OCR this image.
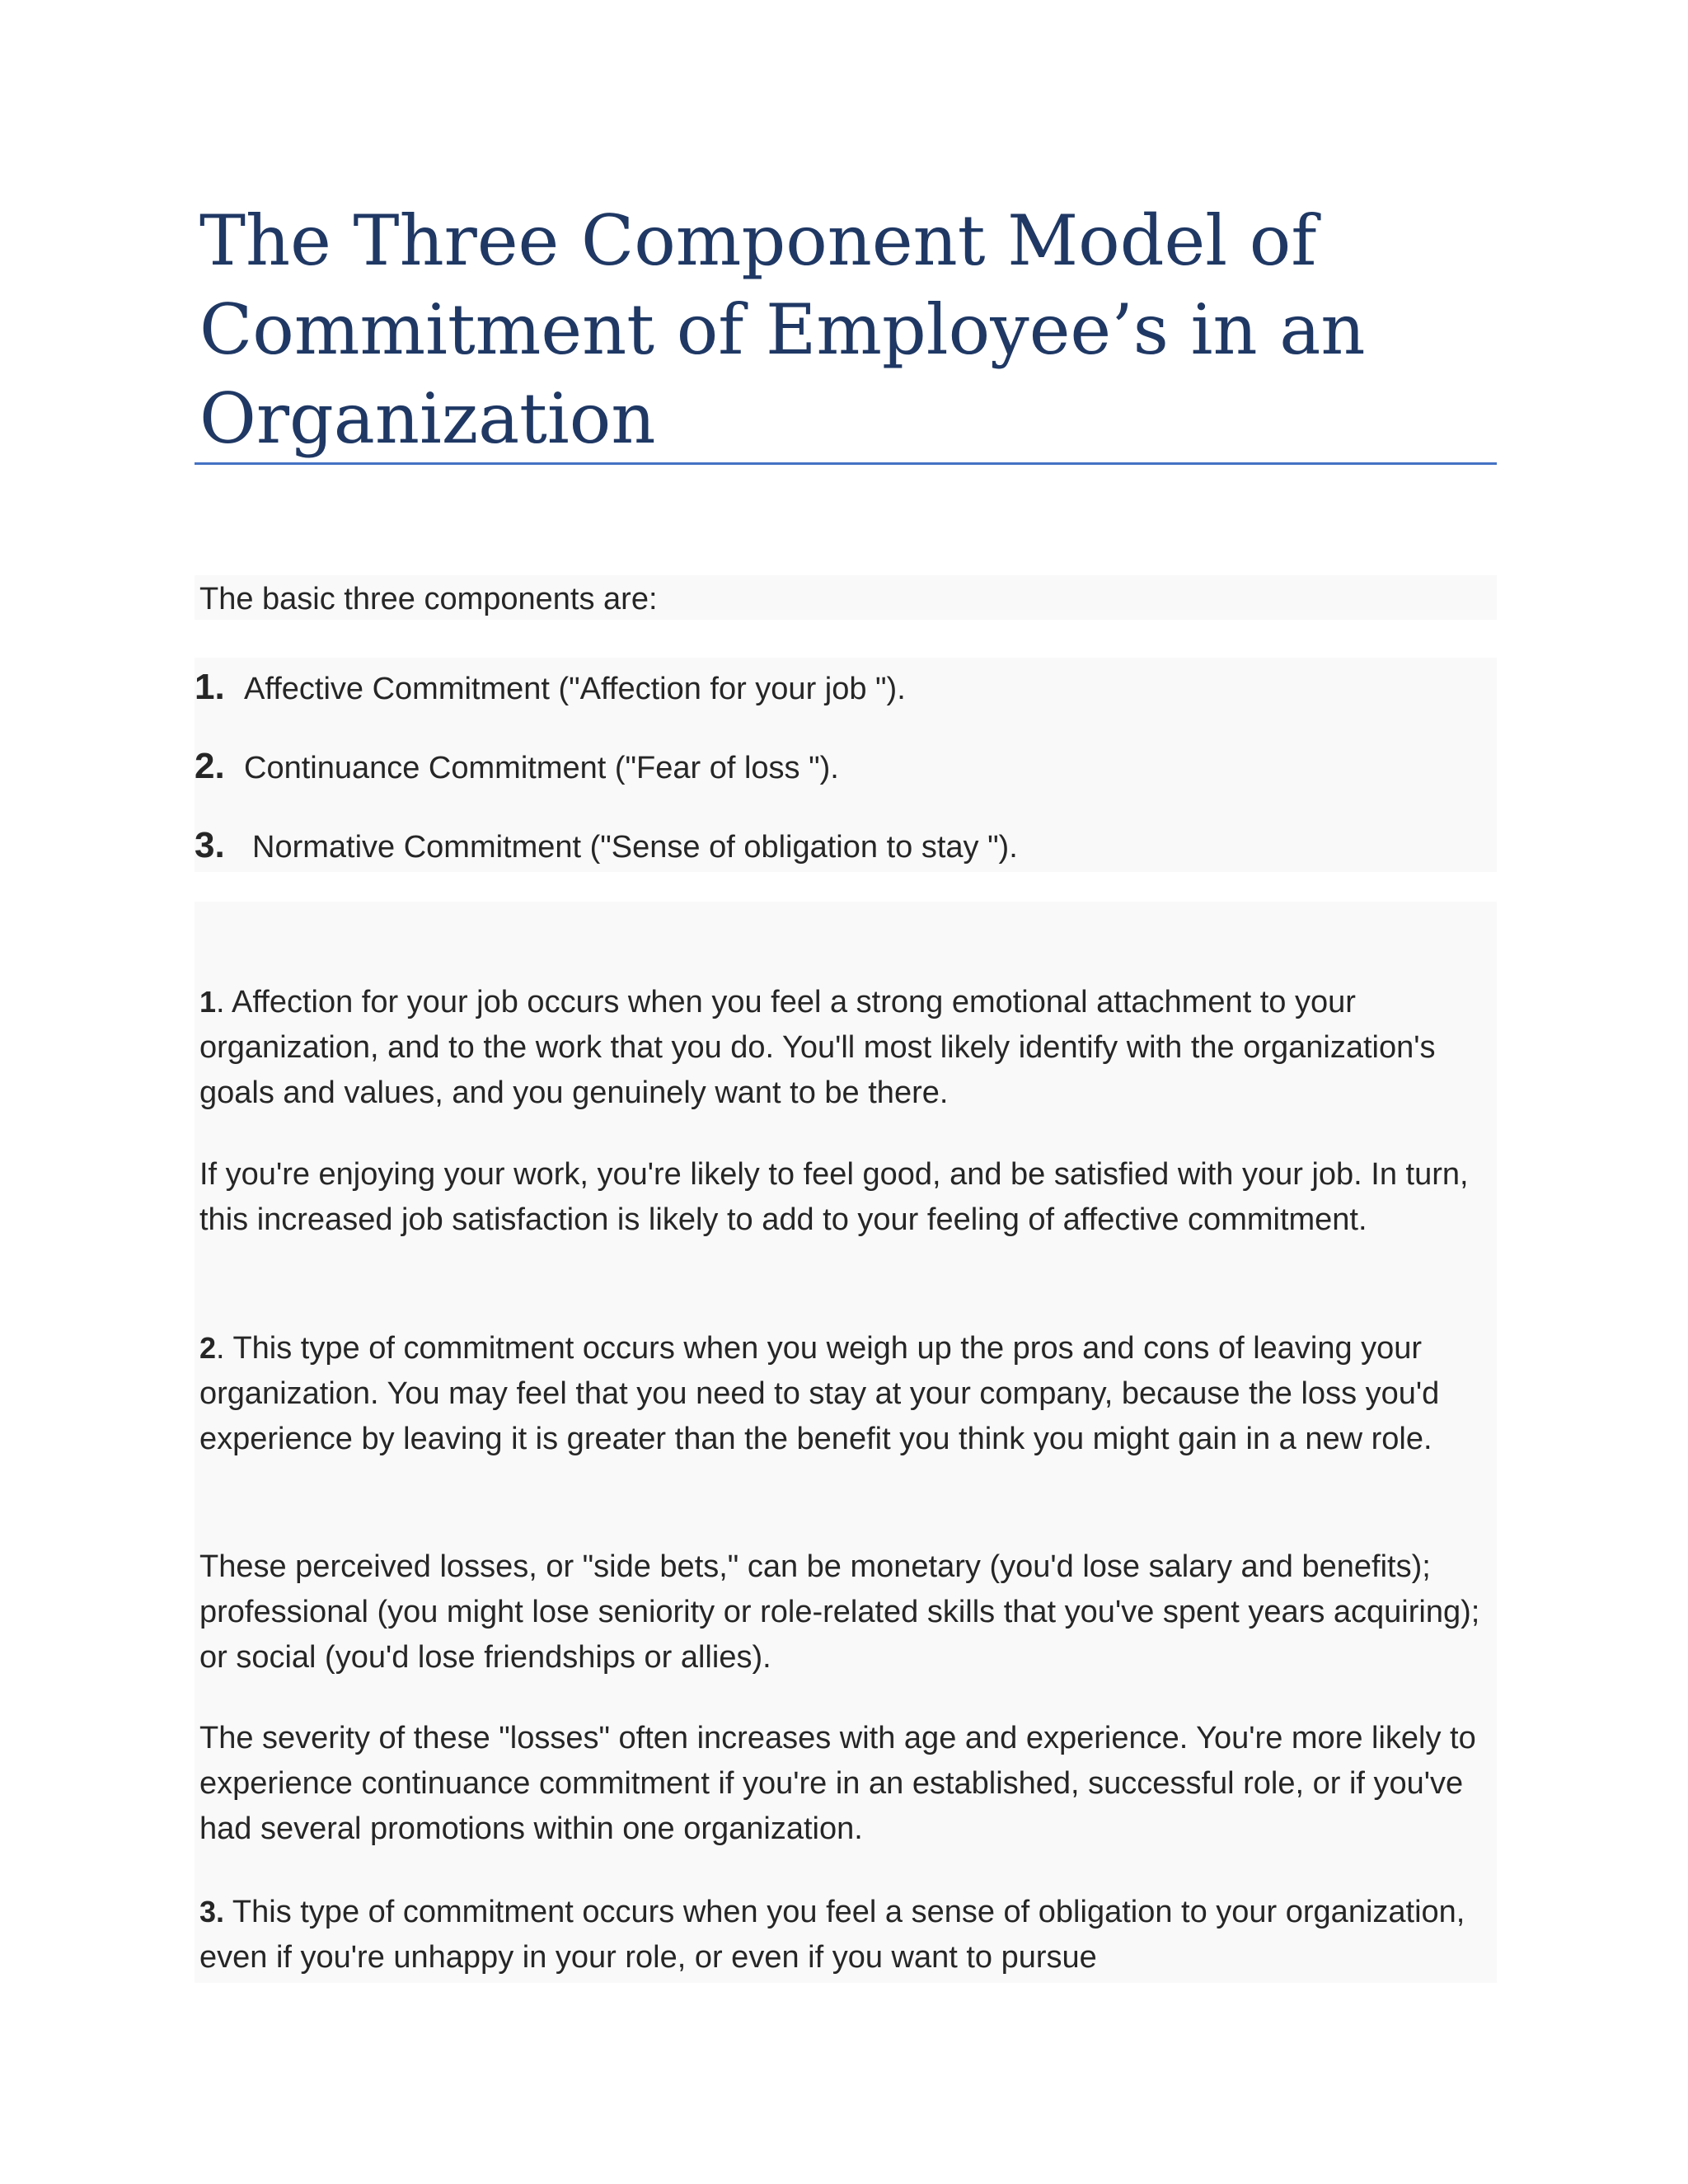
The Three Component Model of Commitment of Employee’s in an Organization

The basic three components are:

1. Affective Commitment ("Affection for your job ").
2. Continuance Commitment ("Fear of loss ").
3. Normative Commitment ("Sense of obligation to stay ").

1. Affection for your job occurs when you feel a strong emotional attachment to your organization, and to the work that you do. You'll most likely identify with the organization's goals and values, and you genuinely want to be there.

If you're enjoying your work, you're likely to feel good, and be satisfied with your job. In turn, this increased job satisfaction is likely to add to your feeling of affective commitment.

2. This type of commitment occurs when you weigh up the pros and cons of leaving your organization. You may feel that you need to stay at your company, because the loss you'd experience by leaving it is greater than the benefit you think you might gain in a new role.

These perceived losses, or "side bets," can be monetary (you'd lose salary and benefits); professional (you might lose seniority or role-related skills that you've spent years acquiring); or social (you'd lose friendships or allies).

The severity of these "losses" often increases with age and experience. You're more likely to experience continuance commitment if you're in an established, successful role, or if you've had several promotions within one organization.

3. This type of commitment occurs when you feel a sense of obligation to your organization, even if you're unhappy in your role, or even if you want to pursue
